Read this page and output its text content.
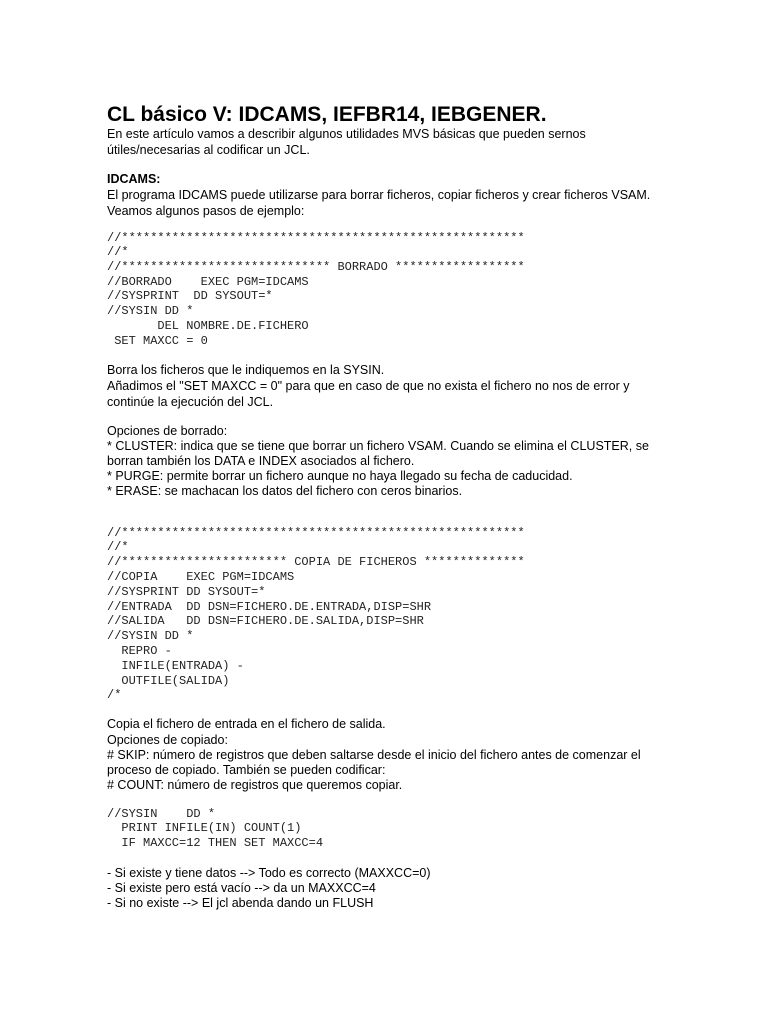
CL básico V: IDCAMS, IEFBR14, IEBGENER.
En este artículo vamos a describir algunos utilidades MVS básicas que pueden sernos
útiles/necesarias al codificar un JCL.
IDCAMS:
El programa IDCAMS puede utilizarse para borrar ficheros, copiar ficheros y crear ficheros VSAM.
Veamos algunos pasos de ejemplo:
//********************************************************
//*
//***************************** BORRADO ******************
//BORRADO    EXEC PGM=IDCAMS
//SYSPRINT  DD SYSOUT=*
//SYSIN DD *
DEL NOMBRE.DE.FICHERO
SET MAXCC = 0
Borra los ficheros que le indiquemos en la SYSIN.
Añadimos el "SET MAXCC = 0" para que en caso de que no exista el fichero no nos de error y
continúe la ejecución del JCL.
Opciones de borrado:
* CLUSTER: indica que se tiene que borrar un fichero VSAM. Cuando se elimina el CLUSTER, se
borran también los DATA e INDEX asociados al fichero.
* PURGE: permite borrar un fichero aunque no haya llegado su fecha de caducidad.
* ERASE: se machacan los datos del fichero con ceros binarios.
//********************************************************
//*
//*********************** COPIA DE FICHEROS **************
//COPIA    EXEC PGM=IDCAMS
//SYSPRINT DD SYSOUT=*
//ENTRADA  DD DSN=FICHERO.DE.ENTRADA,DISP=SHR
//SALIDA   DD DSN=FICHERO.DE.SALIDA,DISP=SHR
//SYSIN DD *
REPRO -
INFILE(ENTRADA) -
OUTFILE(SALIDA)
/*
Copia el fichero de entrada en el fichero de salida.
Opciones de copiado:
# SKIP: número de registros que deben saltarse desde el inicio del fichero antes de comenzar el
proceso de copiado. También se pueden codificar:
# COUNT: número de registros que queremos copiar.
//SYSIN    DD *
PRINT INFILE(IN) COUNT(1)
IF MAXCC=12 THEN SET MAXCC=4
- Si existe y tiene datos --> Todo es correcto (MAXXCC=0)
- Si existe pero está vacío --> da un MAXXCC=4
- Si no existe --> El jcl abenda dando un FLUSH
